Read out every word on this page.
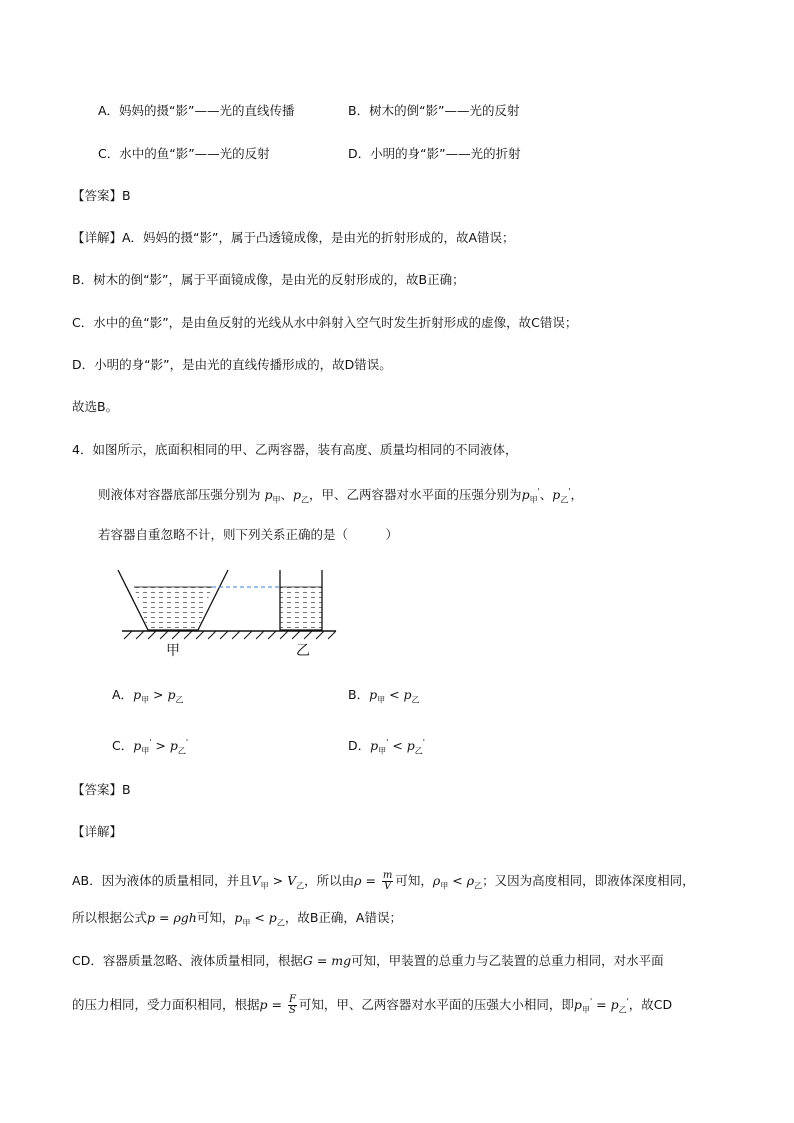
A．妈妈的摄“影”——光的直线传播	B．树木的倒“影”——光的反射
C．水中的鱼“影”——光的反射	D．小明的身“影”——光的折射
【答案】B
【详解】A．妈妈的摄“影”，属于凸透镜成像，是由光的折射形成的，故A错误；
B．树木的倒“影”，属于平面镜成像，是由光的反射形成的，故B正确；
C．水中的鱼“影”，是由鱼反射的光线从水中斜射入空气时发生折射形成的虚像，故C错误；
D．小明的身“影”，是由光的直线传播形成的，故D错误。
故选B。
4．如图所示，底面积相同的甲、乙两容器，装有高度、质量均相同的不同液体，
则液体对容器底部压强分别为 $p_甲$、$p_乙$，甲、乙两容器对水平面的压强分别为$p_甲'$、$p_乙'$，
若容器自重忽略不计，则下列关系正确的是（　　　）
甲	乙
A．$p_甲 > p_乙$	B．$p_甲 < p_乙$
C．$p_甲' > p_乙'$	D．$p_甲' < p_乙'$
【答案】B
【详解】
AB．因为液体的质量相同，并且$V_甲 > V_乙$，所以由$\rho = \frac{m}{V}$ 可知，$\rho_甲 < \rho_乙$；又因为高度相同，即液体深度相同，
所以根据公式p = ρgh可知，$p_甲 < p_乙$，故B正确，A错误；
CD．容器质量忽略、液体质量相同，根据G = mg可知，甲装置的总重力与乙装置的总重力相同，对水平面
的压力相同，受力面积相同，根据$p = \frac{F}{S}$ 可知，甲、乙两容器对水平面的压强大小相同，即$p_甲' = p_乙'$，故CD
